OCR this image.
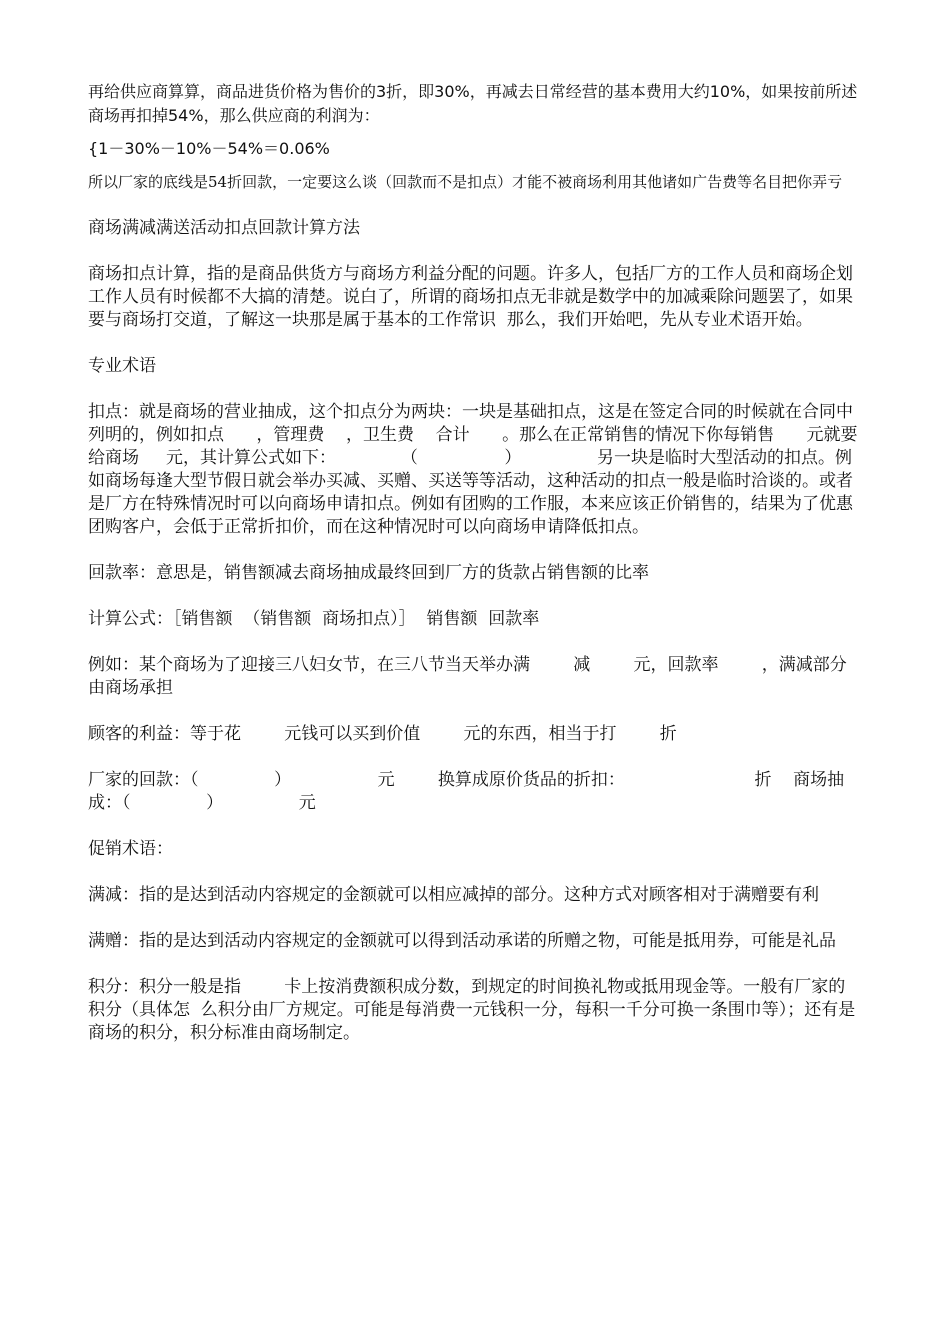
再给供应商算算，商品进货价格为售价的3折，即30%，再减去日常经营的基本费用大约10%，如果按前所述商场再扣掉54%，那么供应商的利润为：

{1－30%－10%－54%＝0.06%

所以厂家的底线是54折回款，一定要这么谈（回款而不是扣点）才能不被商场利用其他诸如广告费等名目把你弄亏

商场满减满送活动扣点回款计算方法

商场扣点计算，指的是商品供货方与商场方利益分配的问题。许多人，包括厂方的工作人员和商场企划工作人员有时候都不大搞的清楚。说白了，所谓的商场扣点无非就是数学中的加减乘除问题罢了，如果要与商场打交道，了解这一块那是属于基本的工作常识  那么，我们开始吧，先从专业术语开始。

专业术语

扣点：就是商场的营业抽成，这个扣点分为两块：一块是基础扣点，这是在签定合同的时候就在合同中列明的，例如扣点      ，管理费    ，卫生费    合计      。那么在正常销售的情况下你每销售      元就要给商场     元，其计算公式如下：            （                ）              另一块是临时大型活动的扣点。例如商场每逢大型节假日就会举办买减、买赠、买送等等活动，这种活动的扣点一般是临时洽谈的。或者是厂方在特殊情况时可以向商场申请扣点。例如有团购的工作服，本来应该正价销售的，结果为了优惠团购客户，会低于正常折扣价，而在这种情况时可以向商场申请降低扣点。

回款率：意思是，销售额减去商场抽成最终回到厂方的货款占销售额的比率

计算公式：［销售额  （销售额  商场扣点）］  销售额  回款率

例如：某个商场为了迎接三八妇女节，在三八节当天举办满        减        元，回款率        ，满减部分由商场承担

顾客的利益：等于花        元钱可以买到价值        元的东西，相当于打        折

厂家的回款：（              ）                元        换算成原价货品的折扣：                        折    商场抽成：（              ）              元

促销术语：

满减：指的是达到活动内容规定的金额就可以相应减掉的部分。这种方式对顾客相对于满赠要有利

满赠：指的是达到活动内容规定的金额就可以得到活动承诺的所赠之物，可能是抵用券，可能是礼品

积分：积分一般是指        卡上按消费额积成分数，到规定的时间换礼物或抵用现金等。一般有厂家的        积分（具体怎  么积分由厂方规定。可能是每消费一元钱积一分，每积一千分可换一条围巾等）；还有是商场的积分，积分标准由商场制定。
